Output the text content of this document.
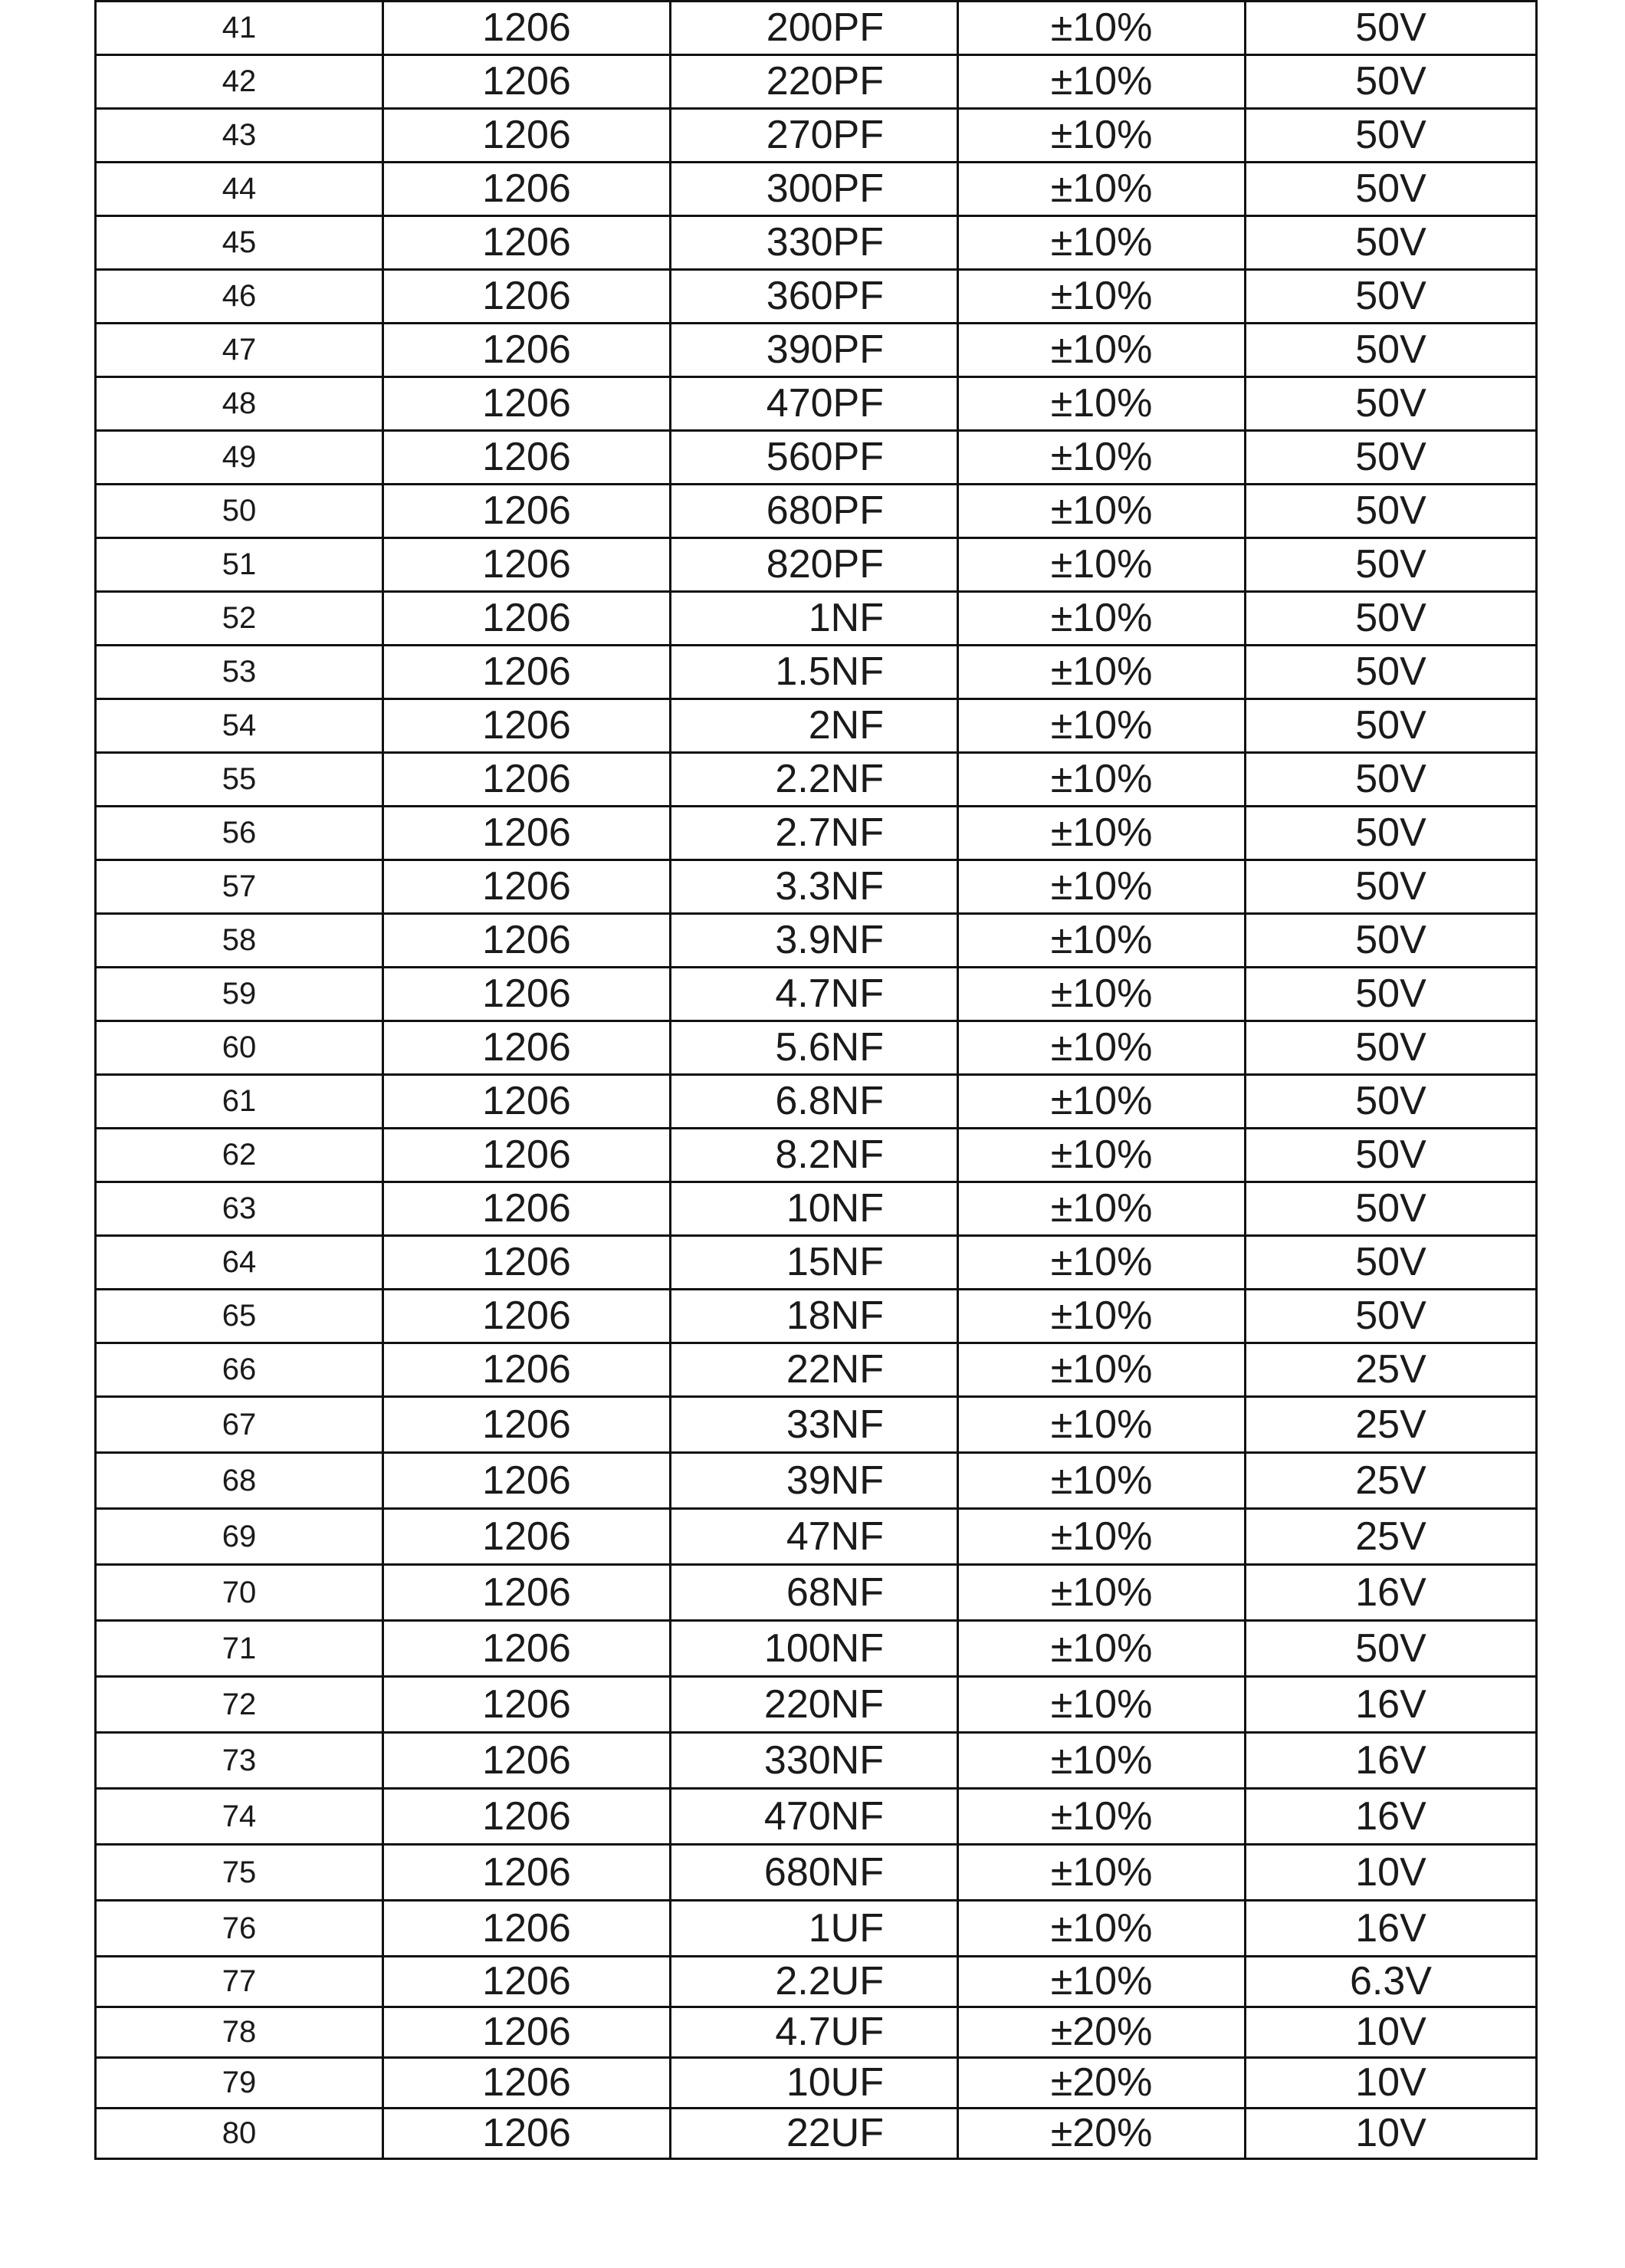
41	1206	200PF	±10%	50V
42	1206	220PF	±10%	50V
43	1206	270PF	±10%	50V
44	1206	300PF	±10%	50V
45	1206	330PF	±10%	50V
46	1206	360PF	±10%	50V
47	1206	390PF	±10%	50V
48	1206	470PF	±10%	50V
49	1206	560PF	±10%	50V
50	1206	680PF	±10%	50V
51	1206	820PF	±10%	50V
52	1206	1NF	±10%	50V
53	1206	1.5NF	±10%	50V
54	1206	2NF	±10%	50V
55	1206	2.2NF	±10%	50V
56	1206	2.7NF	±10%	50V
57	1206	3.3NF	±10%	50V
58	1206	3.9NF	±10%	50V
59	1206	4.7NF	±10%	50V
60	1206	5.6NF	±10%	50V
61	1206	6.8NF	±10%	50V
62	1206	8.2NF	±10%	50V
63	1206	10NF	±10%	50V
64	1206	15NF	±10%	50V
65	1206	18NF	±10%	50V
66	1206	22NF	±10%	25V
67	1206	33NF	±10%	25V
68	1206	39NF	±10%	25V
69	1206	47NF	±10%	25V
70	1206	68NF	±10%	16V
71	1206	100NF	±10%	50V
72	1206	220NF	±10%	16V
73	1206	330NF	±10%	16V
74	1206	470NF	±10%	16V
75	1206	680NF	±10%	10V
76	1206	1UF	±10%	16V
77	1206	2.2UF	±10%	6.3V
78	1206	4.7UF	±20%	10V
79	1206	10UF	±20%	10V
80	1206	22UF	±20%	10V
